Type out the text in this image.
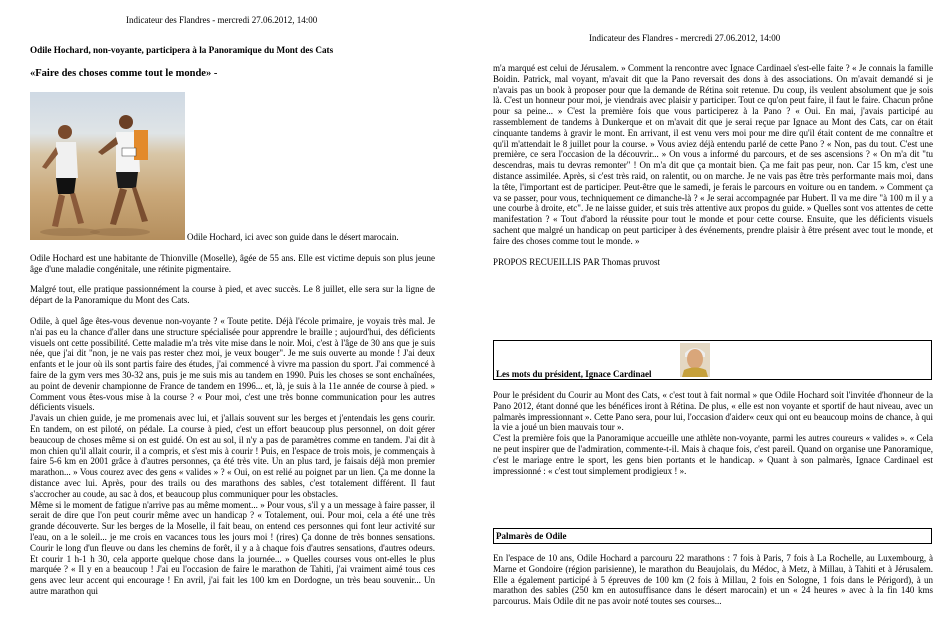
Indicateur des Flandres - mercredi 27.06.2012, 14:00
Odile Hochard, non-voyante, participera à la Panoramique du Mont des Cats
«Faire des choses comme tout le monde» -
Odile Hochard, ici avec son guide dans le désert marocain.

Odile Hochard est une habitante de Thionville (Moselle), âgée de 55 ans. Elle est victime depuis son plus jeune âge d'une maladie congénitale, une rétinite pigmentaire.

Malgré tout, elle pratique passionnément la course à pied, et avec succès. Le 8 juillet, elle sera sur la ligne de départ de la Panoramique du Mont des Cats.

Odile, à quel âge êtes-vous devenue non-voyante ? « Toute petite. Déjà l'école primaire, je voyais très mal. Je n'ai pas eu la chance d'aller dans une structure spécialisée pour apprendre le braille ; aujourd'hui, des déficients visuels ont cette possibilité. Cette maladie m'a très vite mise dans le noir. Moi, c'est à l'âge de 30 ans que je suis née, que j'ai dit "non, je ne vais pas rester chez moi, je veux bouger". Je me suis ouverte au monde ! J'ai deux enfants et le jour où ils sont partis faire des études, j'ai commencé à vivre ma passion du sport. J'ai commencé à faire de la gym vers mes 30-32 ans, puis je me suis mis au tandem en 1990. Puis les choses se sont enchaînées, au point de devenir championne de France de tandem en 1996... et, là, je suis à la 11e année de course à pied. » Comment vous êtes-vous mise à la course ? « Pour moi, c'est une très bonne communication pour les autres déficients visuels.

J'avais un chien guide, je me promenais avec lui, et j'allais souvent sur les berges et j'entendais les gens courir. En tandem, on est piloté, on pédale. La course à pied, c'est un effort beaucoup plus personnel, on doit gérer beaucoup de choses même si on est guidé. On est au sol, il n'y a pas de paramètres comme en tandem. J'ai dit à mon chien qu'il allait courir, il a compris, et s'est mis à courir ! Puis, en l'espace de trois mois, je commençais à faire 5-6 km en 2001 grâce à d'autres personnes, ça été très vite. Un an plus tard, je faisais déjà mon premier marathon... » Vous courez avec des gens « valides » ? « Oui, on est relié au poignet par un lien. Ça me donne la distance avec lui. Après, pour des trails ou des marathons des sables, c'est totalement différent. Il faut s'accrocher au coude, au sac à dos, et beaucoup plus communiquer pour les obstacles.

Même si le moment de fatigue n'arrive pas au même moment... » Pour vous, s'il y a un message à faire passer, il serait de dire que l'on peut courir même avec un handicap ? « Totalement, oui. Pour moi, cela a été une très grande découverte. Sur les berges de la Moselle, il fait beau, on entend ces personnes qui font leur activité sur l'eau, on a le soleil... je me crois en vacances tous les jours moi ! (rires) Ça donne de très bonnes sensations. Courir le long d'un fleuve ou dans les chemins de forêt, il y a à chaque fois d'autres sensations, d'autres odeurs. Et courir 1 h-1 h 30, cela apporte quelque chose dans la journée... » Quelles courses vous ont-elles le plus marquée ? « Il y en a beaucoup ! J'ai eu l'occasion de faire le marathon de Tahiti, j'ai vraiment aimé tous ces gens avec leur accent qui encourage ! En avril, j'ai fait les 100 km en Dordogne, un très beau souvenir... Un autre marathon qui

Indicateur des Flandres - mercredi 27.06.2012, 14:00

m'a marqué est celui de Jérusalem. » Comment la rencontre avec Ignace Cardinael s'est-elle faite ? « Je connais la famille Boidin. Patrick, mal voyant, m'avait dit que la Pano reversait des dons à des associations. On m'avait demandé si je n'avais pas un book à proposer pour que la demande de Rétina soit retenue. Du coup, ils veulent absolument que je sois là. C'est un honneur pour moi, je viendrais avec plaisir y participer. Tout ce qu'on peut faire, il faut le faire. Chacun prône pour sa peine... » C'est la première fois que vous participerez à la Pano ? « Oui. En mai, j'avais participé au rassemblement de tandems à Dunkerque et on m'avait dit que je serai reçue par Ignace au Mont des Cats, car on était cinquante tandems à gravir le mont. En arrivant, il est venu vers moi pour me dire qu'il était content de me connaître et qu'il m'attendait le 8 juillet pour la course. » Vous aviez déjà entendu parlé de cette Pano ? « Non, pas du tout. C'est une première, ce sera l'occasion de la découvrir... » On vous a informé du parcours, et de ses ascensions ? « On m'a dit "tu descendras, mais tu devras remonter" ! On m'a dit que ça montait bien. Ça me fait pas peur, non. Car 15 km, c'est une distance assimilée. Après, si c'est très raid, on ralentit, ou on marche. Je ne vais pas être très performante mais moi, dans la tête, l'important est de participer. Peut-être que le samedi, je ferais le parcours en voiture ou en tandem. » Comment ça va se passer, pour vous, techniquement ce dimanche-là ? « Je serai accompagnée par Hubert. Il va me dire "à 100 m il y a une courbe à droite, etc". Je ne laisse guider, et suis très attentive aux propos du guide. » Quelles sont vos attentes de cette manifestation ? « Tout d'abord la réussite pour tout le monde et pour cette course. Ensuite, que les déficients visuels sachent que malgré un handicap on peut participer à des événements, prendre plaisir à être présent avec tout le monde, et faire des choses comme tout le monde. »

PROPOS RECUEILLIS PAR Thomas pruvost

Les mots du président, Ignace Cardinael

Pour le président du Courir au Mont des Cats, « c'est tout à fait normal » que Odile Hochard soit l'invitée d'honneur de la Pano 2012, étant donné que les bénéfices iront à Rétina. De plus, « elle est non voyante et sportif de haut niveau, avec un palmarès impressionnant ». Cette Pano sera, pour lui, l'occasion d'aider« ceux qui ont eu beaucoup moins de chance, à qui la vie a joué un bien mauvais tour ».

C'est la première fois que la Panoramique accueille une athlète non-voyante, parmi les autres coureurs « valides ». « Cela ne peut inspirer que de l'admiration, commente-t-il. Mais à chaque fois, c'est pareil. Quand on organise une Panoramique, c'est le mariage entre le sport, les gens bien portants et le handicap. » Quant à son palmarès, Ignace Cardinael est impressionné : « c'est tout simplement prodigieux ! ».

Palmarès de Odile

En l'espace de 10 ans, Odile Hochard a parcouru 22 marathons : 7 fois à Paris, 7 fois à La Rochelle, au Luxembourg, à Marne et Gondoire (région parisienne), le marathon du Beaujolais, du Médoc, à Metz, à Millau, à Tahiti et à Jérusalem. Elle a également participé à 5 épreuves de 100 km (2 fois à Millau, 2 fois en Sologne, 1 fois dans le Périgord), à un marathon des sables (250 km en autosuffisance dans le désert marocain) et un « 24 heures » avec à la fin 140 kms parcourus. Mais Odile dit ne pas avoir noté toutes ses courses...
